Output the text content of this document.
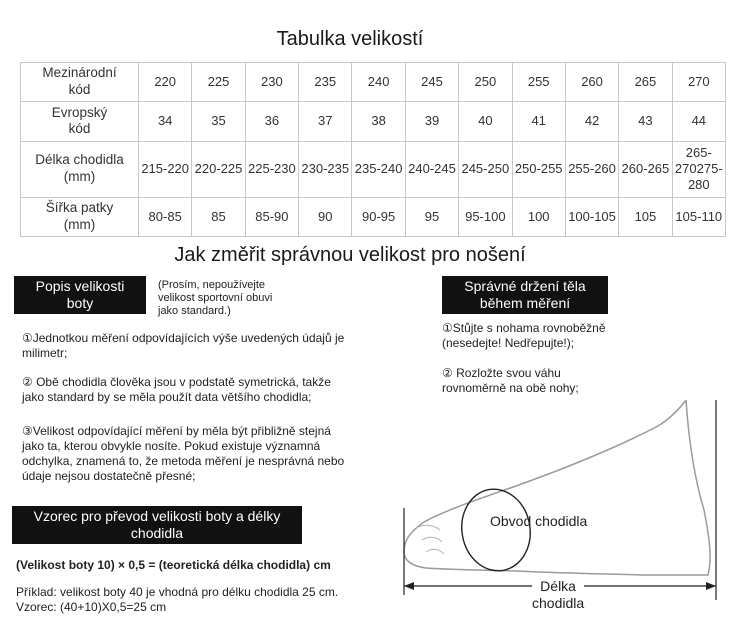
Tabulka velikostí
Mezinárodní
kód	220	225	230	235	240	245	250	255	260	265	270
Evropský
kód	34	35	36	37	38	39	40	41	42	43	44
Délka chodidla
(mm)	215-220	220-225	225-230	230-235	235-240	240-245	245-250	250-255	255-260	260-265	265-270275-280
Šířka patky
(mm)	80-85	85	85-90	90	90-95	95	95-100	100	100-105	105	105-110
Jak změřit správnou velikost pro nošení
Popis velikosti
boty
(Prosím, nepoužívejte
velikost sportovní obuvi
jako standard.)
①Jednotkou měření odpovídajících výše uvedených údajů je
milimetr;
② Obě chodidla člověka jsou v podstatě symetrická, takže
jako standard by se měla použít data většího chodidla;
③Velikost odpovídající měření by měla být přibližně stejná
jako ta, kterou obvykle nosíte. Pokud existuje významná
odchylka, znamená to, že metoda měření je nesprávná nebo
údaje nejsou dostatečně přesné;
Správné držení těla
během měření
①Stůjte s nohama rovnoběžně
(nesedejte! Nedřepujte!);
② Rozložte svou váhu
rovnoměrně na obě nohy;
Vzorec pro převod velikosti boty a délky
chodidla
(Velikost boty 10) × 0,5 = (teoretická délka chodidla) cm
Příklad: velikost boty 40 je vhodná pro délku chodidla 25 cm.
Vzorec: (40+10)X0,5=25 cm
Obvod chodidla
Délka
chodidla
